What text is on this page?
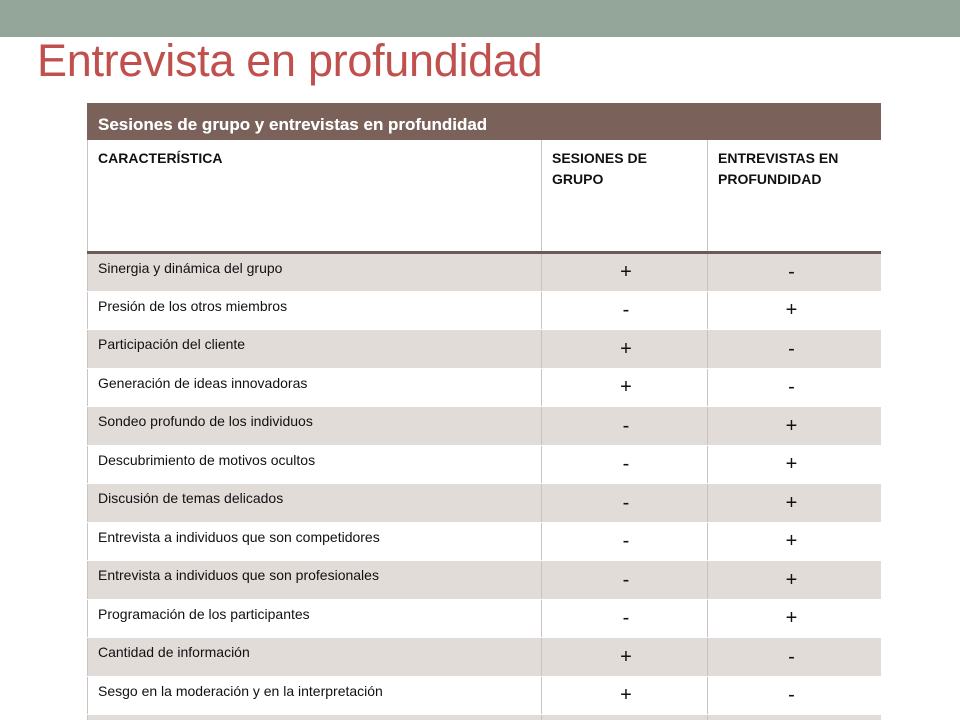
Entrevista en profundidad
Sesiones de grupo y entrevistas en profundidad		
CARACTERÍSTICA	SESIONES DE GRUPO	ENTREVISTAS EN PROFUNDIDAD
Sinergia y dinámica del grupo	+	-
Presión de los otros miembros	-	+
Participación del cliente	+	-
Generación de ideas innovadoras	+	-
Sondeo profundo de los individuos	-	+
Descubrimiento de motivos ocultos	-	+
Discusión de temas delicados	-	+
Entrevista a individuos que son competidores	-	+
Entrevista a individuos que son profesionales	-	+
Programación de los participantes	-	+
Cantidad de información	+	-
Sesgo en la moderación y en la interpretación	+	-
